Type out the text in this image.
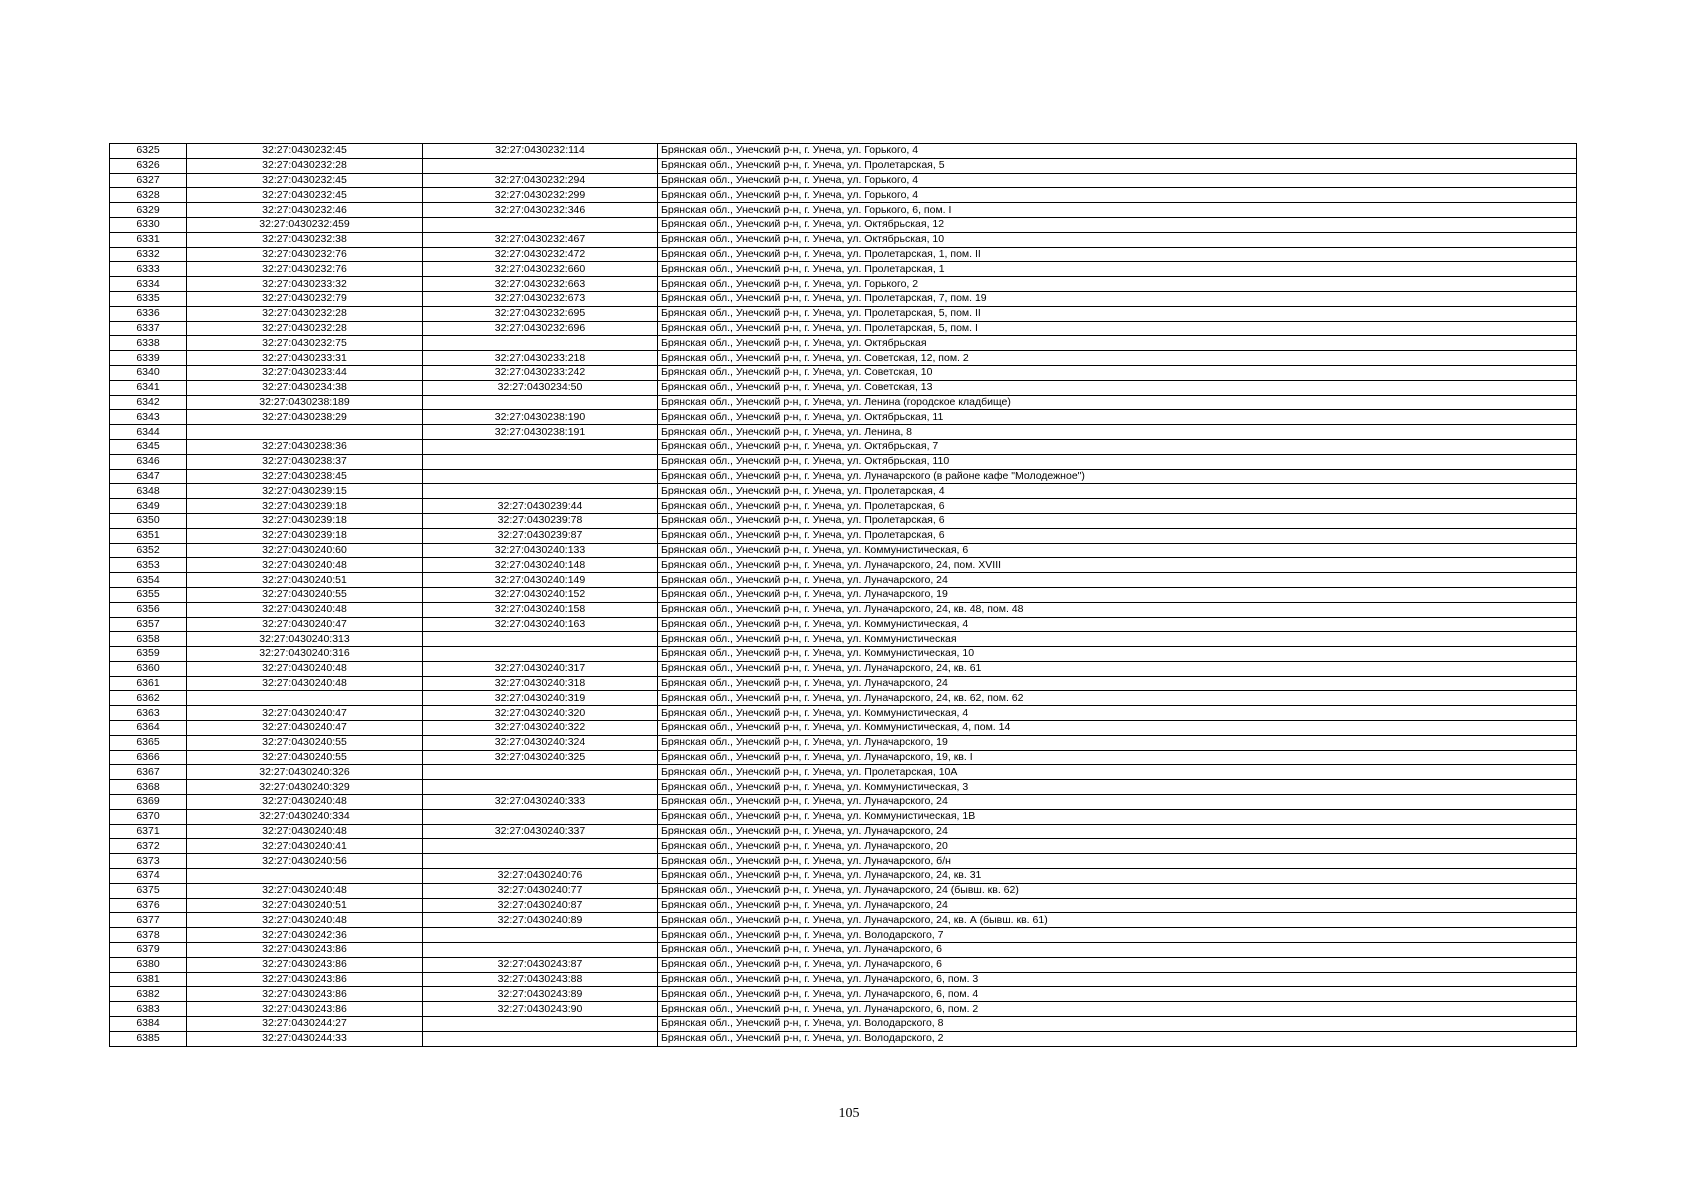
6325	32:27:0430232:45	32:27:0430232:114	Брянская обл., Унечский р-н, г. Унеча, ул. Горького, 4
6326	32:27:0430232:28		Брянская обл., Унечский р-н, г. Унеча, ул. Пролетарская, 5
6327	32:27:0430232:45	32:27:0430232:294	Брянская обл., Унечский р-н, г. Унеча, ул. Горького, 4
6328	32:27:0430232:45	32:27:0430232:299	Брянская обл., Унечский р-н, г. Унеча, ул. Горького, 4
6329	32:27:0430232:46	32:27:0430232:346	Брянская обл., Унечский р-н, г. Унеча, ул. Горького, 6, пом. I
6330	32:27:0430232:459		Брянская обл., Унечский р-н, г. Унеча, ул. Октябрьская, 12
6331	32:27:0430232:38	32:27:0430232:467	Брянская обл., Унечский р-н, г. Унеча, ул. Октябрьская, 10
6332	32:27:0430232:76	32:27:0430232:472	Брянская обл., Унечский р-н, г. Унеча, ул. Пролетарская, 1, пом. II
6333	32:27:0430232:76	32:27:0430232:660	Брянская обл., Унечский р-н, г. Унеча, ул. Пролетарская, 1
6334	32:27:0430233:32	32:27:0430232:663	Брянская обл., Унечский р-н, г. Унеча, ул. Горького, 2
6335	32:27:0430232:79	32:27:0430232:673	Брянская обл., Унечский р-н, г. Унеча, ул. Пролетарская, 7, пом. 19
6336	32:27:0430232:28	32:27:0430232:695	Брянская обл., Унечский р-н, г. Унеча, ул. Пролетарская, 5, пом. II
6337	32:27:0430232:28	32:27:0430232:696	Брянская обл., Унечский р-н, г. Унеча, ул. Пролетарская, 5, пом. I
6338	32:27:0430232:75		Брянская обл., Унечский р-н, г. Унеча, ул. Октябрьская
6339	32:27:0430233:31	32:27:0430233:218	Брянская обл., Унечский р-н, г. Унеча, ул. Советская, 12, пом. 2
6340	32:27:0430233:44	32:27:0430233:242	Брянская обл., Унечский р-н, г. Унеча, ул. Советская, 10
6341	32:27:0430234:38	32:27:0430234:50	Брянская обл., Унечский р-н, г. Унеча, ул. Советская, 13
6342	32:27:0430238:189		Брянская обл., Унечский р-н, г. Унеча, ул. Ленина (городское кладбище)
6343	32:27:0430238:29	32:27:0430238:190	Брянская обл., Унечский р-н, г. Унеча, ул. Октябрьская, 11
6344		32:27:0430238:191	Брянская обл., Унечский р-н, г. Унеча, ул. Ленина, 8
6345	32:27:0430238:36		Брянская обл., Унечский р-н, г. Унеча, ул. Октябрьская, 7
6346	32:27:0430238:37		Брянская обл., Унечский р-н, г. Унеча, ул. Октябрьская, 110
6347	32:27:0430238:45		Брянская обл., Унечский р-н, г. Унеча, ул. Луначарского (в районе кафе "Молодежное")
6348	32:27:0430239:15		Брянская обл., Унечский р-н, г. Унеча, ул. Пролетарская, 4
6349	32:27:0430239:18	32:27:0430239:44	Брянская обл., Унечский р-н, г. Унеча, ул. Пролетарская, 6
6350	32:27:0430239:18	32:27:0430239:78	Брянская обл., Унечский р-н, г. Унеча, ул. Пролетарская, 6
6351	32:27:0430239:18	32:27:0430239:87	Брянская обл., Унечский р-н, г. Унеча, ул. Пролетарская, 6
6352	32:27:0430240:60	32:27:0430240:133	Брянская обл., Унечский р-н, г. Унеча, ул. Коммунистическая, 6
6353	32:27:0430240:48	32:27:0430240:148	Брянская обл., Унечский р-н, г. Унеча, ул. Луначарского, 24, пом. XVIII
6354	32:27:0430240:51	32:27:0430240:149	Брянская обл., Унечский р-н, г. Унеча, ул. Луначарского, 24
6355	32:27:0430240:55	32:27:0430240:152	Брянская обл., Унечский р-н, г. Унеча, ул. Луначарского, 19
6356	32:27:0430240:48	32:27:0430240:158	Брянская обл., Унечский р-н, г. Унеча, ул. Луначарского, 24, кв. 48, пом. 48
6357	32:27:0430240:47	32:27:0430240:163	Брянская обл., Унечский р-н, г. Унеча, ул. Коммунистическая, 4
6358	32:27:0430240:313		Брянская обл., Унечский р-н, г. Унеча, ул. Коммунистическая
6359	32:27:0430240:316		Брянская обл., Унечский р-н, г. Унеча, ул. Коммунистическая, 10
6360	32:27:0430240:48	32:27:0430240:317	Брянская обл., Унечский р-н, г. Унеча, ул. Луначарского, 24, кв. 61
6361	32:27:0430240:48	32:27:0430240:318	Брянская обл., Унечский р-н, г. Унеча, ул. Луначарского, 24
6362		32:27:0430240:319	Брянская обл., Унечский р-н, г. Унеча, ул. Луначарского, 24, кв. 62, пом. 62
6363	32:27:0430240:47	32:27:0430240:320	Брянская обл., Унечский р-н, г. Унеча, ул. Коммунистическая, 4
6364	32:27:0430240:47	32:27:0430240:322	Брянская обл., Унечский р-н, г. Унеча, ул. Коммунистическая, 4, пом. 14
6365	32:27:0430240:55	32:27:0430240:324	Брянская обл., Унечский р-н, г. Унеча, ул. Луначарского, 19
6366	32:27:0430240:55	32:27:0430240:325	Брянская обл., Унечский р-н, г. Унеча, ул. Луначарского, 19, кв. I
6367	32:27:0430240:326		Брянская обл., Унечский р-н, г. Унеча, ул. Пролетарская, 10А
6368	32:27:0430240:329		Брянская обл., Унечский р-н, г. Унеча, ул. Коммунистическая, 3
6369	32:27:0430240:48	32:27:0430240:333	Брянская обл., Унечский р-н, г. Унеча, ул. Луначарского, 24
6370	32:27:0430240:334		Брянская обл., Унечский р-н, г. Унеча, ул. Коммунистическая, 1В
6371	32:27:0430240:48	32:27:0430240:337	Брянская обл., Унечский р-н, г. Унеча, ул. Луначарского, 24
6372	32:27:0430240:41		Брянская обл., Унечский р-н, г. Унеча, ул. Луначарского, 20
6373	32:27:0430240:56		Брянская обл., Унечский р-н, г. Унеча, ул. Луначарского, б/н
6374		32:27:0430240:76	Брянская обл., Унечский р-н, г. Унеча, ул. Луначарского, 24, кв. 31
6375	32:27:0430240:48	32:27:0430240:77	Брянская обл., Унечский р-н, г. Унеча, ул. Луначарского, 24 (бывш. кв. 62)
6376	32:27:0430240:51	32:27:0430240:87	Брянская обл., Унечский р-н, г. Унеча, ул. Луначарского, 24
6377	32:27:0430240:48	32:27:0430240:89	Брянская обл., Унечский р-н, г. Унеча, ул. Луначарского, 24, кв. А (бывш. кв. 61)
6378	32:27:0430242:36		Брянская обл., Унечский р-н, г. Унеча, ул. Володарского, 7
6379	32:27:0430243:86		Брянская обл., Унечский р-н, г. Унеча, ул. Луначарского, 6
6380	32:27:0430243:86	32:27:0430243:87	Брянская обл., Унечский р-н, г. Унеча, ул. Луначарского, 6
6381	32:27:0430243:86	32:27:0430243:88	Брянская обл., Унечский р-н, г. Унеча, ул. Луначарского, 6, пом. 3
6382	32:27:0430243:86	32:27:0430243:89	Брянская обл., Унечский р-н, г. Унеча, ул. Луначарского, 6, пом. 4
6383	32:27:0430243:86	32:27:0430243:90	Брянская обл., Унечский р-н, г. Унеча, ул. Луначарского, 6, пом. 2
6384	32:27:0430244:27		Брянская обл., Унечский р-н, г. Унеча, ул. Володарского, 8
6385	32:27:0430244:33		Брянская обл., Унечский р-н, г. Унеча, ул. Володарского, 2
105
